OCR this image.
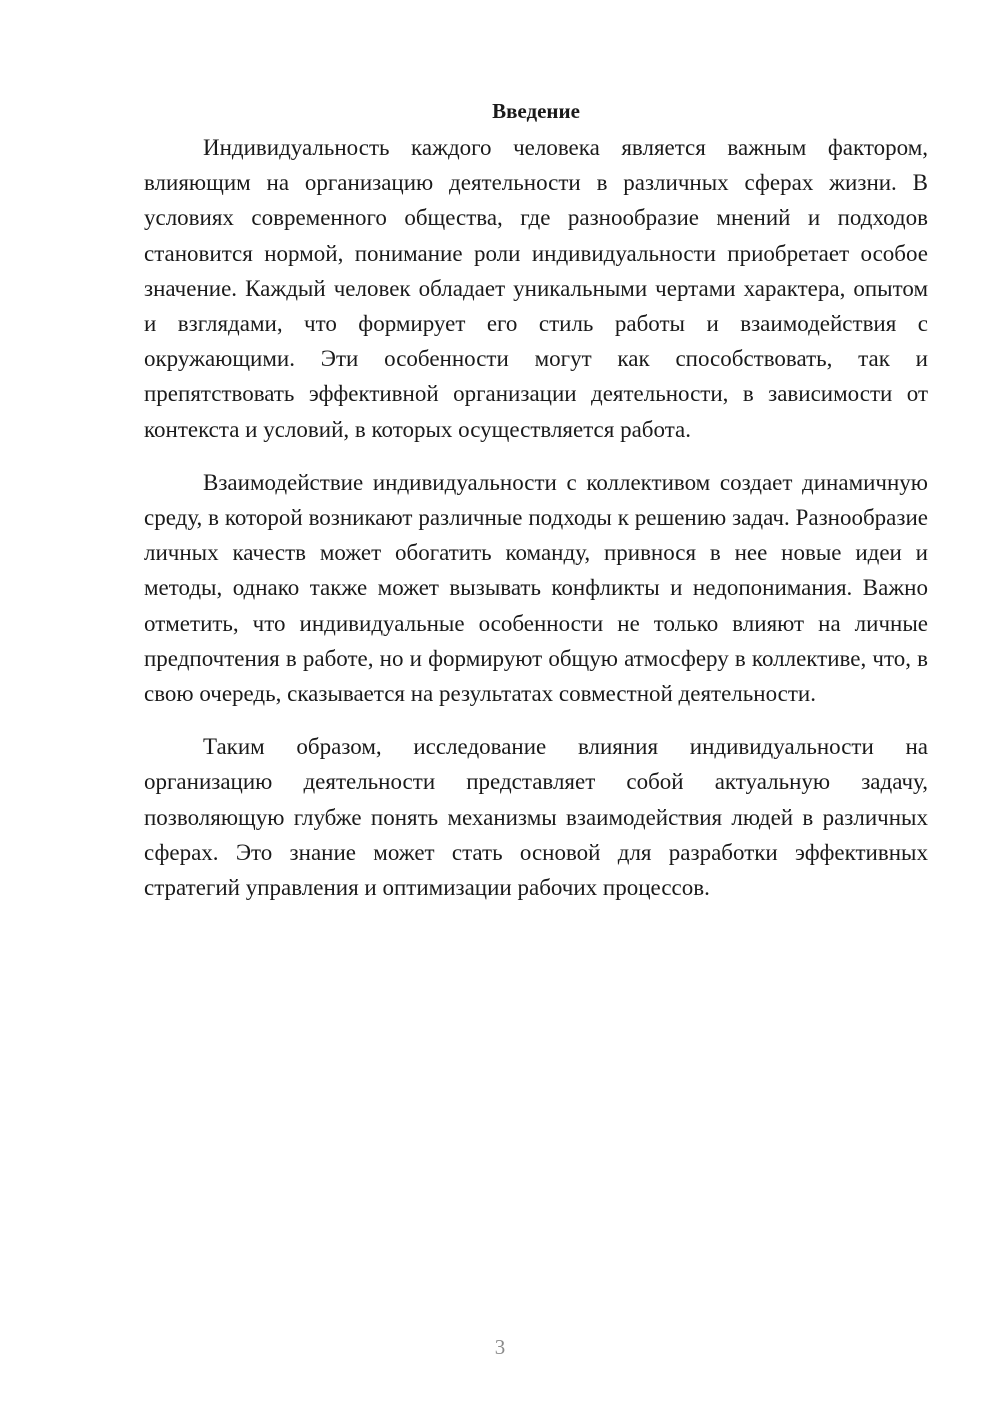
Введение

Индивидуальность каждого человека является важным фактором, влияющим на организацию деятельности в различных сферах жизни. В условиях современного общества, где разнообразие мнений и подходов становится нормой, понимание роли индивидуальности приобретает особое значение. Каждый человек обладает уникальными чертами характера, опытом и взглядами, что формирует его стиль работы и взаимодействия с окружающими. Эти особенности могут как способствовать, так и препятствовать эффективной организации деятельности, в зависимости от контекста и условий, в которых осуществляется работа.

Взаимодействие индивидуальности с коллективом создает динамичную среду, в которой возникают различные подходы к решению задач. Разнообразие личных качеств может обогатить команду, привнося в нее новые идеи и методы, однако также может вызывать конфликты и недопонимания. Важно отметить, что индивидуальные особенности не только влияют на личные предпочтения в работе, но и формируют общую атмосферу в коллективе, что, в свою очередь, сказывается на результатах совместной деятельности.

Таким образом, исследование влияния индивидуальности на организацию деятельности представляет собой актуальную задачу, позволяющую глубже понять механизмы взаимодействия людей в различных сферах. Это знание может стать основой для разработки эффективных стратегий управления и оптимизации рабочих процессов.

3
